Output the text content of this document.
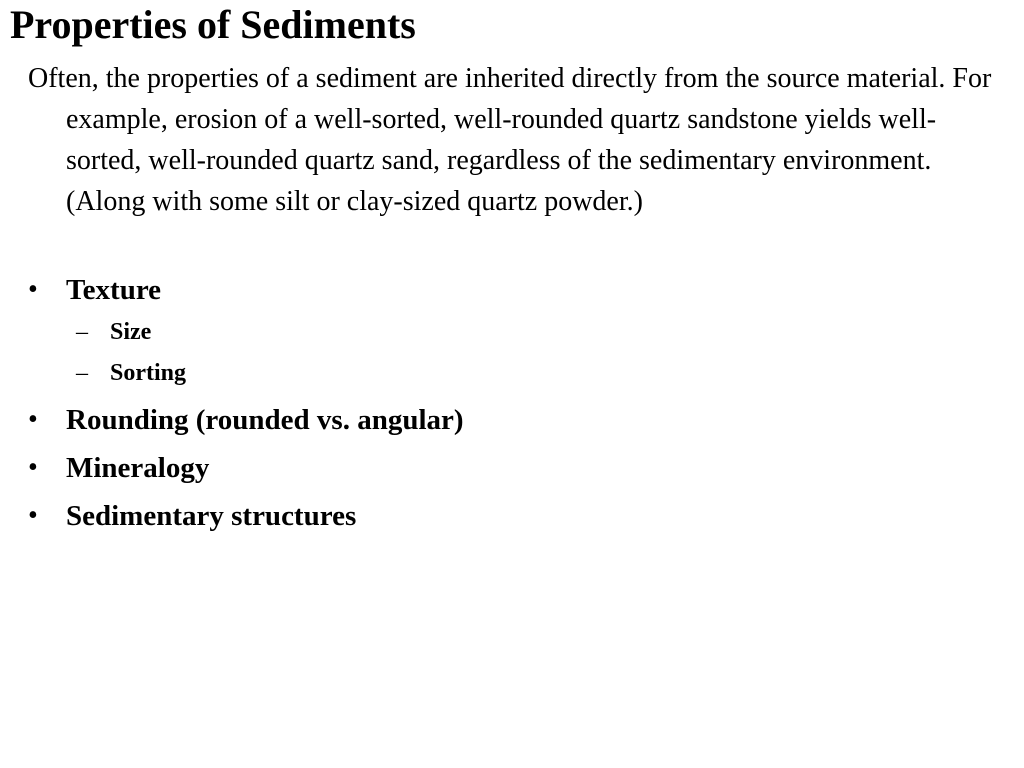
Properties of Sediments

Often, the properties of a sediment are inherited directly from the source material. For example, erosion of a well-sorted, well-rounded quartz sandstone yields well-sorted, well-rounded quartz sand, regardless of the sedimentary environment. (Along with some silt or clay-sized quartz powder.)

• Texture
– Size
– Sorting
• Rounding (rounded vs. angular)
• Mineralogy
• Sedimentary structures
